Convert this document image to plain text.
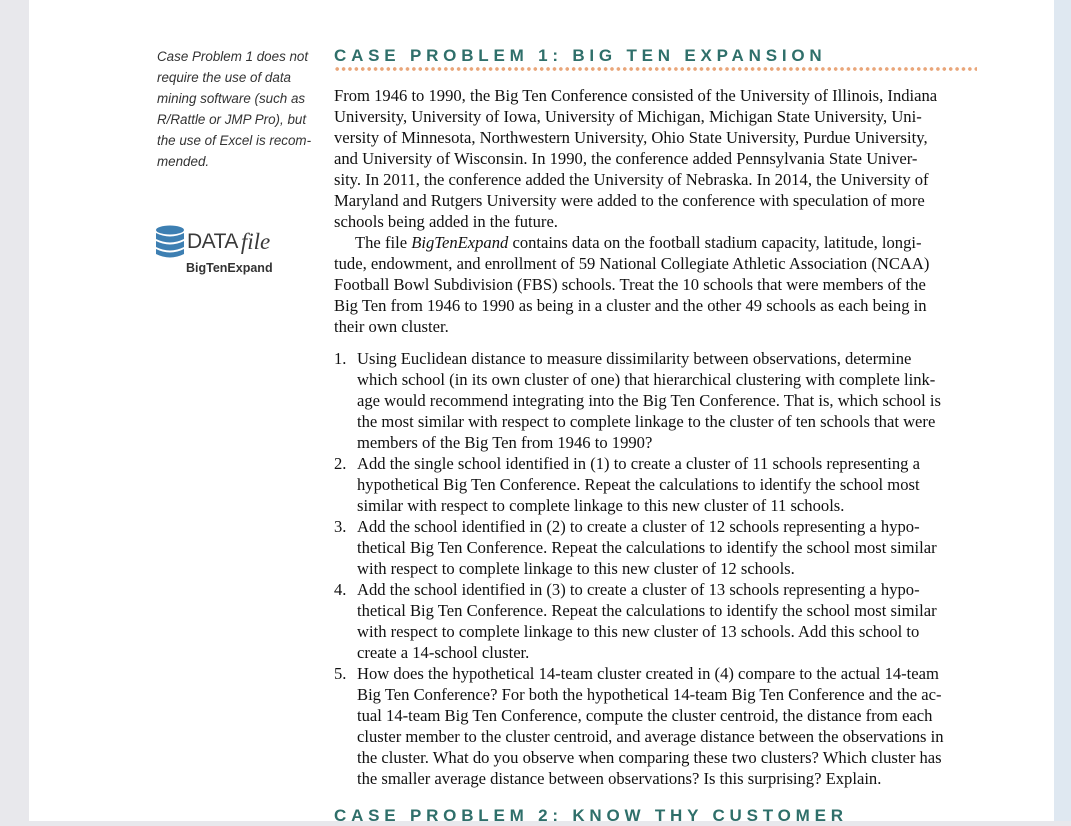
Case Problem 1 does not
require the use of data
mining software (such as
R/Rattle or JMP Pro), but
the use of Excel is recom-
mended.
DATA file
BigTenExpand
CASE PROBLEM 1: BIG TEN EXPANSION

From 1946 to 1990, the Big Ten Conference consisted of the University of Illinois, Indiana
University, University of Iowa, University of Michigan, Michigan State University, Uni-
versity of Minnesota, Northwestern University, Ohio State University, Purdue University,
and University of Wisconsin. In 1990, the conference added Pennsylvania State Univer-
sity. In 2011, the conference added the University of Nebraska. In 2014, the University of
Maryland and Rutgers University were added to the conference with speculation of more
schools being added in the future.

The file BigTenExpand contains data on the football stadium capacity, latitude, longi-
tude, endowment, and enrollment of 59 National Collegiate Athletic Association (NCAA)
Football Bowl Subdivision (FBS) schools. Treat the 10 schools that were members of the
Big Ten from 1946 to 1990 as being in a cluster and the other 49 schools as each being in
their own cluster.

1. Using Euclidean distance to measure dissimilarity between observations, determine
which school (in its own cluster of one) that hierarchical clustering with complete link-
age would recommend integrating into the Big Ten Conference. That is, which school is
the most similar with respect to complete linkage to the cluster of ten schools that were
members of the Big Ten from 1946 to 1990?
2. Add the single school identified in (1) to create a cluster of 11 schools representing a
hypothetical Big Ten Conference. Repeat the calculations to identify the school most
similar with respect to complete linkage to this new cluster of 11 schools.
3. Add the school identified in (2) to create a cluster of 12 schools representing a hypo-
thetical Big Ten Conference. Repeat the calculations to identify the school most similar
with respect to complete linkage to this new cluster of 12 schools.
4. Add the school identified in (3) to create a cluster of 13 schools representing a hypo-
thetical Big Ten Conference. Repeat the calculations to identify the school most similar
with respect to complete linkage to this new cluster of 13 schools. Add this school to
create a 14-school cluster.
5. How does the hypothetical 14-team cluster created in (4) compare to the actual 14-team
Big Ten Conference? For both the hypothetical 14-team Big Ten Conference and the ac-
tual 14-team Big Ten Conference, compute the cluster centroid, the distance from each
cluster member to the cluster centroid, and average distance between the observations in
the cluster. What do you observe when comparing these two clusters? Which cluster has
the smaller average distance between observations? Is this surprising? Explain.
CASE PROBLEM 2: KNOW THY CUSTOMER
